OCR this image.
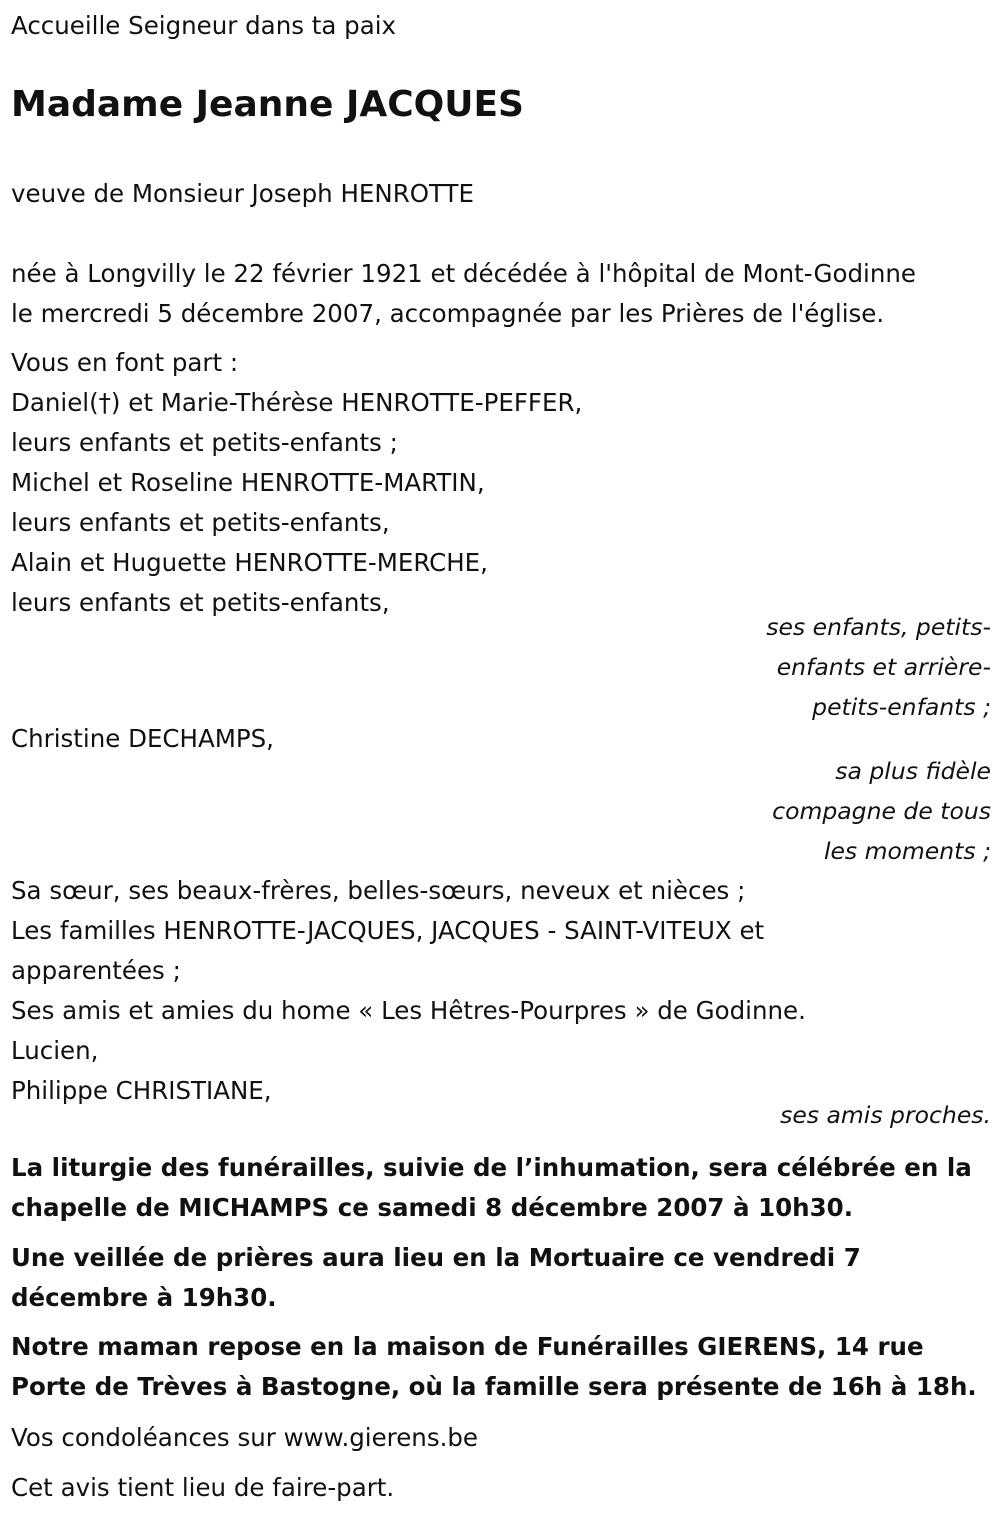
Accueille Seigneur dans ta paix
Madame Jeanne JACQUES
veuve de Monsieur Joseph HENROTTE
née à Longvilly le 22 février 1921 et décédée à l'hôpital de Mont-Godinne
le mercredi 5 décembre 2007, accompagnée par les Prières de l'église.
Vous en font part :
Daniel(†) et Marie-Thérèse HENROTTE-PEFFER,
leurs enfants et petits-enfants ;
Michel et Roseline HENROTTE-MARTIN,
leurs enfants et petits-enfants,
Alain et Huguette HENROTTE-MERCHE,
leurs enfants et petits-enfants,
ses enfants, petits-
enfants et arrière-
petits-enfants ;
Christine DECHAMPS,
sa plus fidèle
compagne de tous
les moments ;
Sa sœur, ses beaux-frères, belles-sœurs, neveux et nièces ;
Les familles HENROTTE-JACQUES, JACQUES - SAINT-VITEUX et
apparentées ;
Ses amis et amies du home « Les Hêtres-Pourpres » de Godinne.
Lucien,
Philippe CHRISTIANE,
ses amis proches.
La liturgie des funérailles, suivie de l’inhumation, sera célébrée en la
chapelle de MICHAMPS ce samedi 8 décembre 2007 à 10h30.
Une veillée de prières aura lieu en la Mortuaire ce vendredi 7
décembre à 19h30.
Notre maman repose en la maison de Funérailles GIERENS, 14 rue
Porte de Trèves à Bastogne, où la famille sera présente de 16h à 18h.
Vos condoléances sur www.gierens.be
Cet avis tient lieu de faire-part.
